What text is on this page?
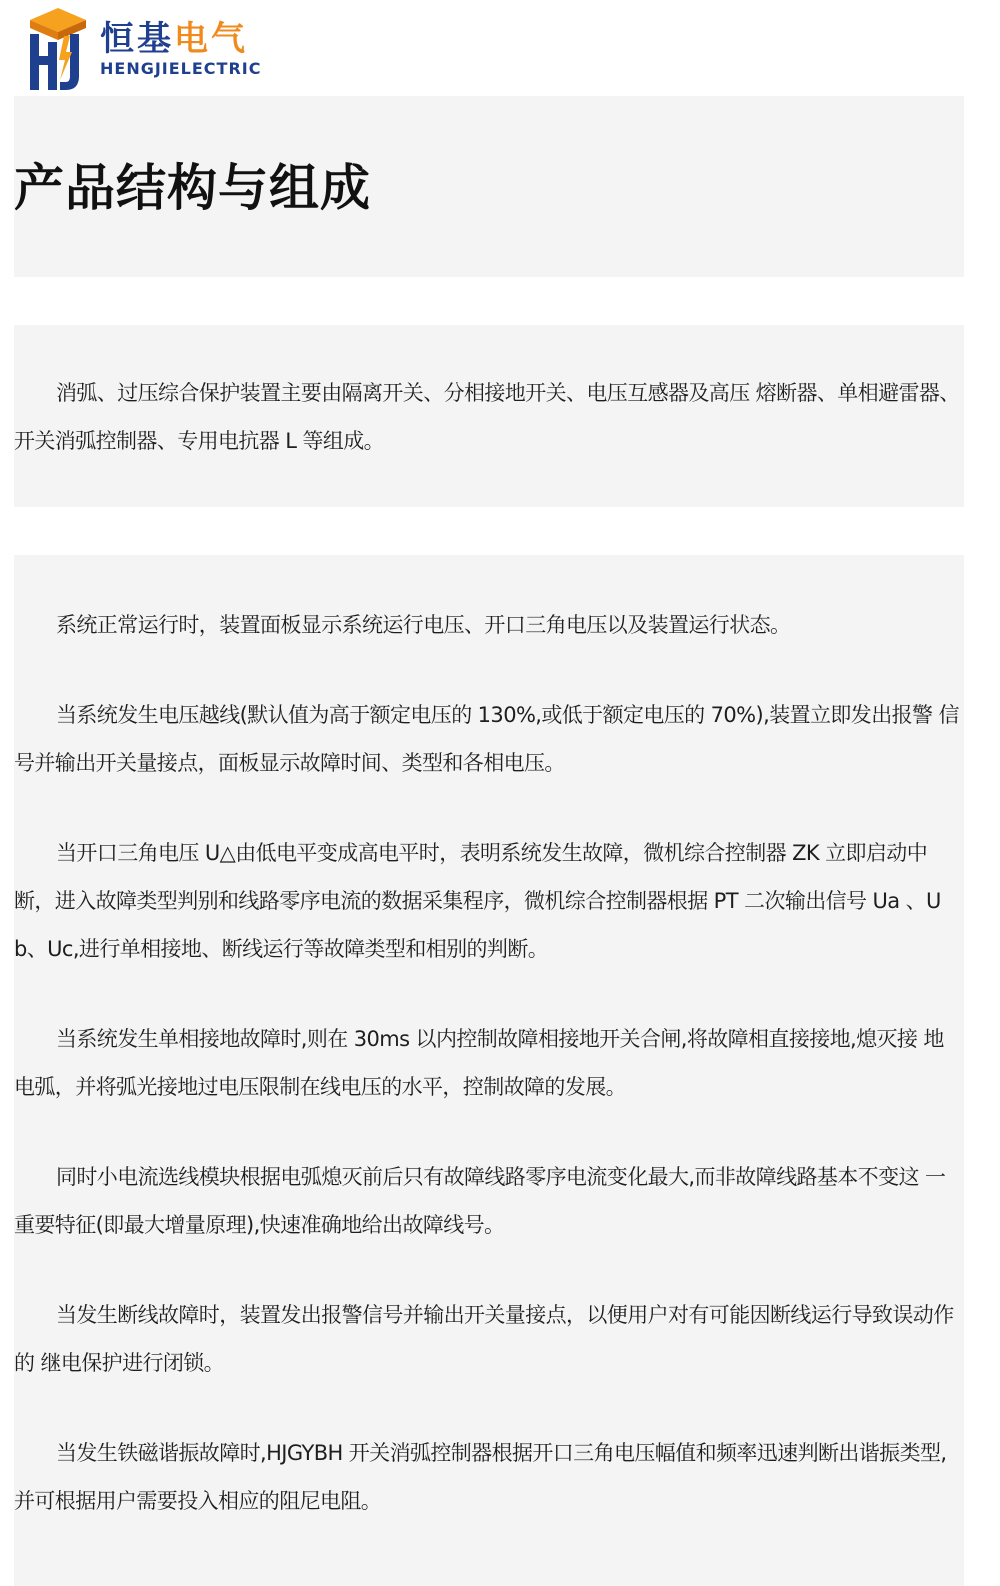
恒基电气
HENGJIELECTRIC
产品结构与组成

消弧、过压综合保护装置主要由隔离开关、分相接地开关、电压互感器及高压 熔断器、单相避雷器、开关消弧控制器、专用电抗器 L 等组成。

系统正常运行时，装置面板显示系统运行电压、开口三角电压以及装置运行状态。

当系统发生电压越线(默认值为高于额定电压的 130%,或低于额定电压的 70%),装置立即发出报警 信号并输出开关量接点，面板显示故障时间、类型和各相电压。

当开口三角电压 U△由低电平变成高电平时，表明系统发生故障，微机综合控制器 ZK 立即启动中断，进入故障类型判别和线路零序电流的数据采集程序，微机综合控制器根据 PT 二次输出信号 Ua 、Ub、Uc,进行单相接地、断线运行等故障类型和相别的判断。

当系统发生单相接地故障时,则在 30ms 以内控制故障相接地开关合闸,将故障相直接接地,熄灭接 地电弧，并将弧光接地过电压限制在线电压的水平，控制故障的发展。

同时小电流选线模块根据电弧熄灭前后只有故障线路零序电流变化最大,而非故障线路基本不变这 一重要特征(即最大增量原理),快速准确地给出故障线号。

当发生断线故障时，装置发出报警信号并输出开关量接点，以便用户对有可能因断线运行导致误动作的 继电保护进行闭锁。

当发生铁磁谐振故障时,HJGYBH 开关消弧控制器根据开口三角电压幅值和频率迅速判断出谐振类型,并可根据用户需要投入相应的阻尼电阻。
